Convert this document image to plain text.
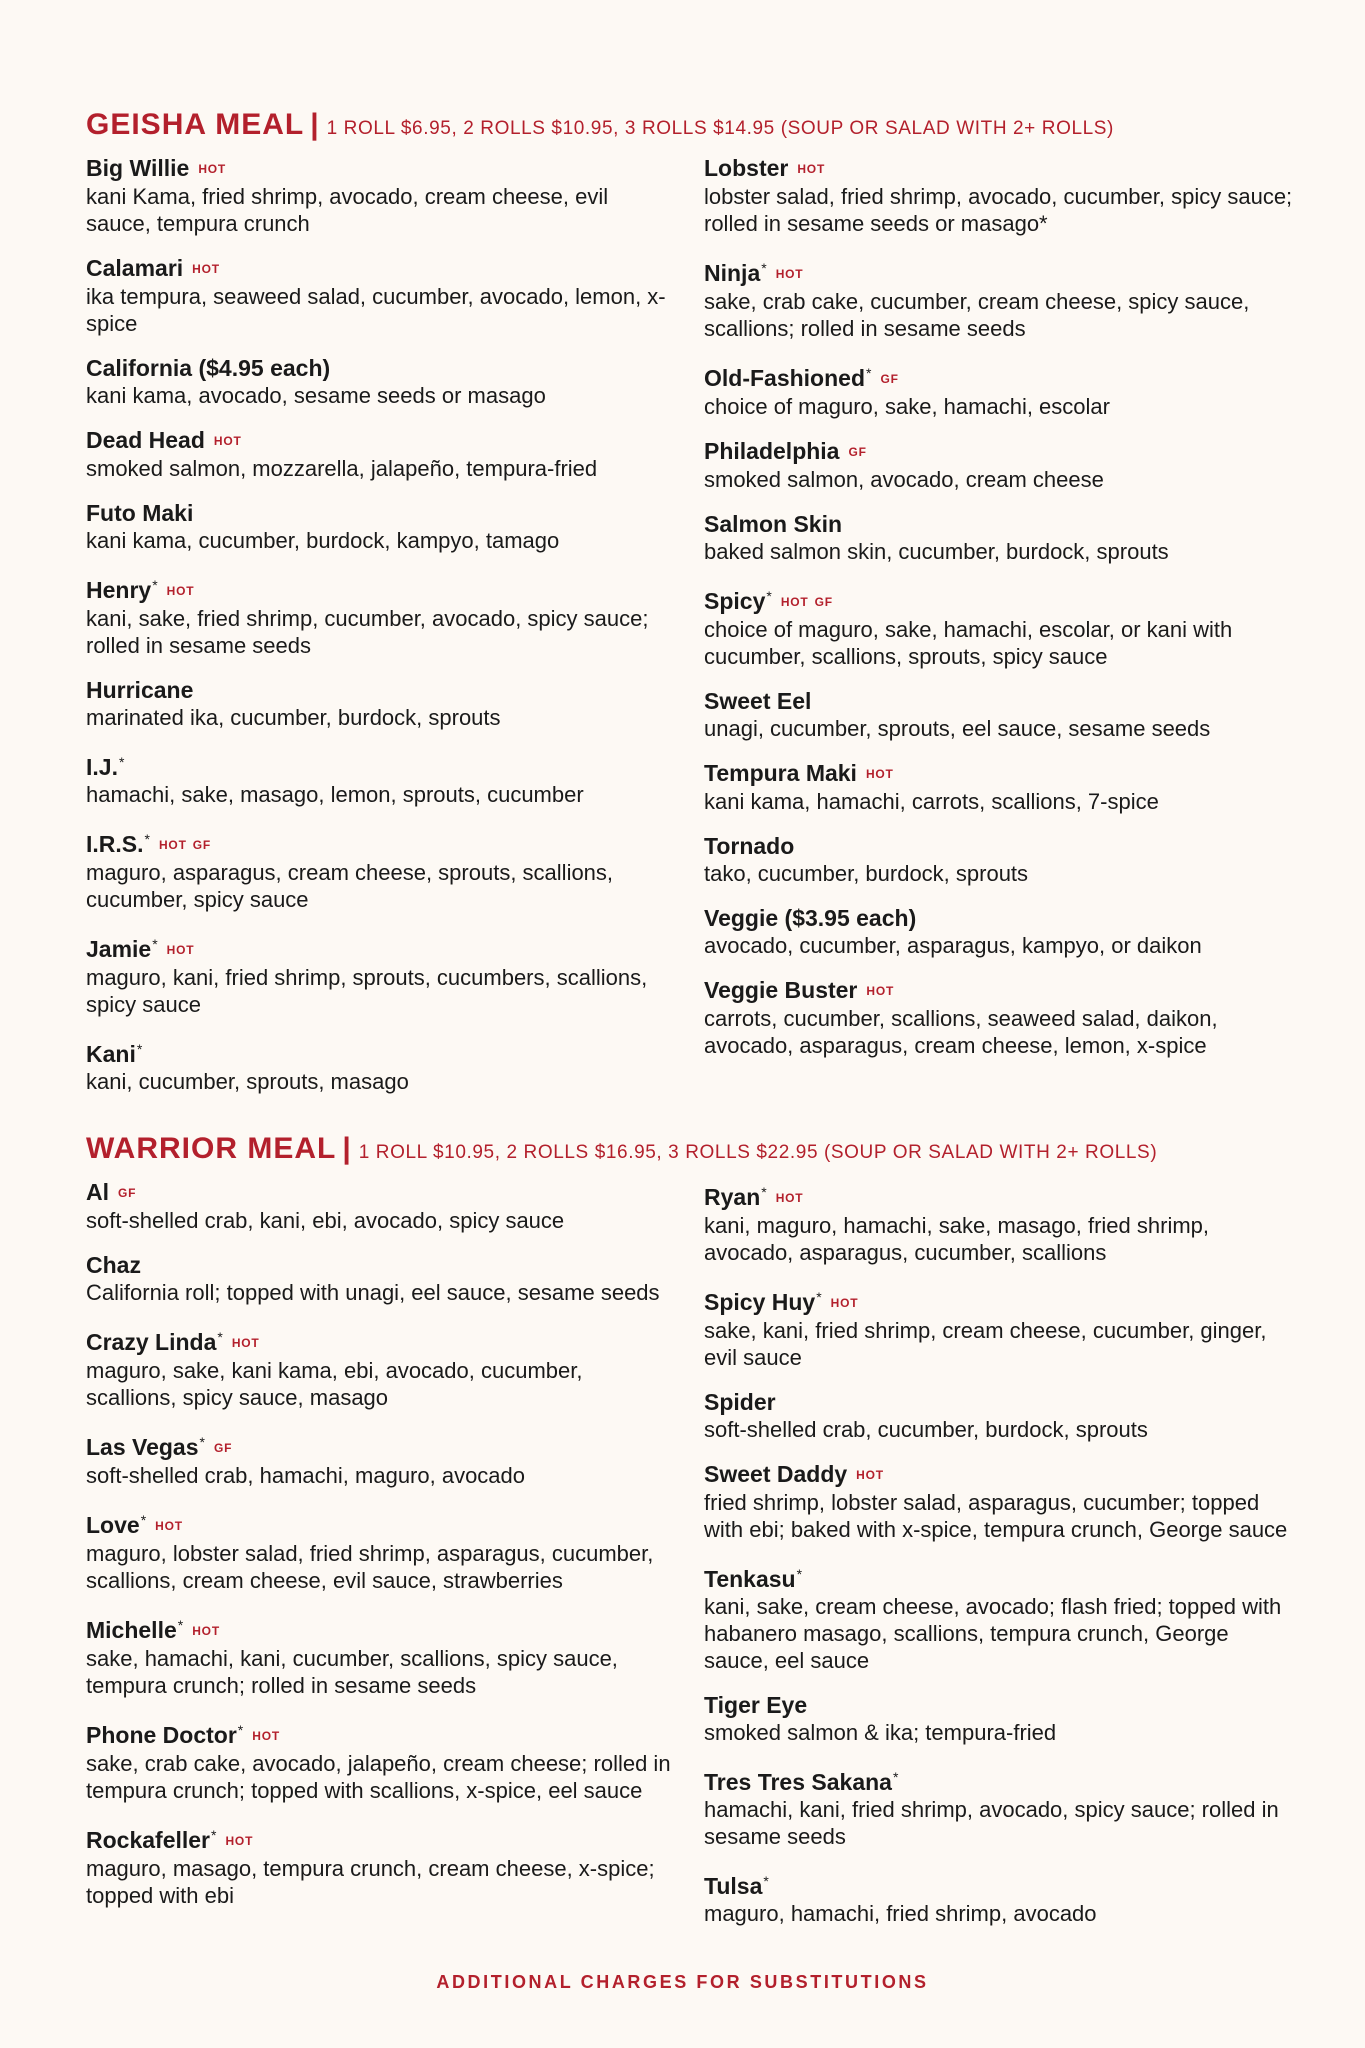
GEISHA MEAL | 1 ROLL $6.95, 2 ROLLS $10.95, 3 ROLLS $14.95 (SOUP OR SALAD WITH 2+ ROLLS)
Big Willie HOT
kani Kama, fried shrimp, avocado, cream cheese, evil sauce, tempura crunch
Calamari HOT
ika tempura, seaweed salad, cucumber, avocado, lemon, x-spice
California ($4.95 each)
kani kama, avocado, sesame seeds or masago
Dead Head HOT
smoked salmon, mozzarella, jalapeño, tempura-fried
Futo Maki
kani kama, cucumber, burdock, kampyo, tamago
Henry* HOT
kani, sake, fried shrimp, cucumber, avocado, spicy sauce; rolled in sesame seeds
Hurricane
marinated ika, cucumber, burdock, sprouts
I.J.*
hamachi, sake, masago, lemon, sprouts, cucumber
I.R.S.* HOT GF
maguro, asparagus, cream cheese, sprouts, scallions, cucumber, spicy sauce
Jamie* HOT
maguro, kani, fried shrimp, sprouts, cucumbers, scallions, spicy sauce
Kani*
kani, cucumber, sprouts, masago
Lobster HOT
lobster salad, fried shrimp, avocado, cucumber, spicy sauce; rolled in sesame seeds or masago*
Ninja* HOT
sake, crab cake, cucumber, cream cheese, spicy sauce, scallions; rolled in sesame seeds
Old-Fashioned* GF
choice of maguro, sake, hamachi, escolar
Philadelphia GF
smoked salmon, avocado, cream cheese
Salmon Skin
baked salmon skin, cucumber, burdock, sprouts
Spicy* HOT GF
choice of maguro, sake, hamachi, escolar, or kani with cucumber, scallions, sprouts, spicy sauce
Sweet Eel
unagi, cucumber, sprouts, eel sauce, sesame seeds
Tempura Maki HOT
kani kama, hamachi, carrots, scallions, 7-spice
Tornado
tako, cucumber, burdock, sprouts
Veggie ($3.95 each)
avocado, cucumber, asparagus, kampyo, or daikon
Veggie Buster HOT
carrots, cucumber, scallions, seaweed salad, daikon, avocado, asparagus, cream cheese, lemon, x-spice
WARRIOR MEAL | 1 ROLL $10.95, 2 ROLLS $16.95, 3 ROLLS $22.95 (SOUP OR SALAD WITH 2+ ROLLS)
Al GF
soft-shelled crab, kani, ebi, avocado, spicy sauce
Chaz
California roll; topped with unagi, eel sauce, sesame seeds
Crazy Linda* HOT
maguro, sake, kani kama, ebi, avocado, cucumber, scallions, spicy sauce, masago
Las Vegas* GF
soft-shelled crab, hamachi, maguro, avocado
Love* HOT
maguro, lobster salad, fried shrimp, asparagus, cucumber, scallions, cream cheese, evil sauce, strawberries
Michelle* HOT
sake, hamachi, kani, cucumber, scallions, spicy sauce, tempura crunch; rolled in sesame seeds
Phone Doctor* HOT
sake, crab cake, avocado, jalapeño, cream cheese; rolled in tempura crunch; topped with scallions, x-spice, eel sauce
Rockafeller* HOT
maguro, masago, tempura crunch, cream cheese, x-spice; topped with ebi
Ryan* HOT
kani, maguro, hamachi, sake, masago, fried shrimp, avocado, asparagus, cucumber, scallions
Spicy Huy* HOT
sake, kani, fried shrimp, cream cheese, cucumber, ginger, evil sauce
Spider
soft-shelled crab, cucumber, burdock, sprouts
Sweet Daddy HOT
fried shrimp, lobster salad, asparagus, cucumber; topped with ebi; baked with x-spice, tempura crunch, George sauce
Tenkasu*
kani, sake, cream cheese, avocado; flash fried; topped with habanero masago, scallions, tempura crunch, George sauce, eel sauce
Tiger Eye
smoked salmon & ika; tempura-fried
Tres Tres Sakana*
hamachi, kani, fried shrimp, avocado, spicy sauce; rolled in sesame seeds
Tulsa*
maguro, hamachi, fried shrimp, avocado
ADDITIONAL CHARGES FOR SUBSTITUTIONS
